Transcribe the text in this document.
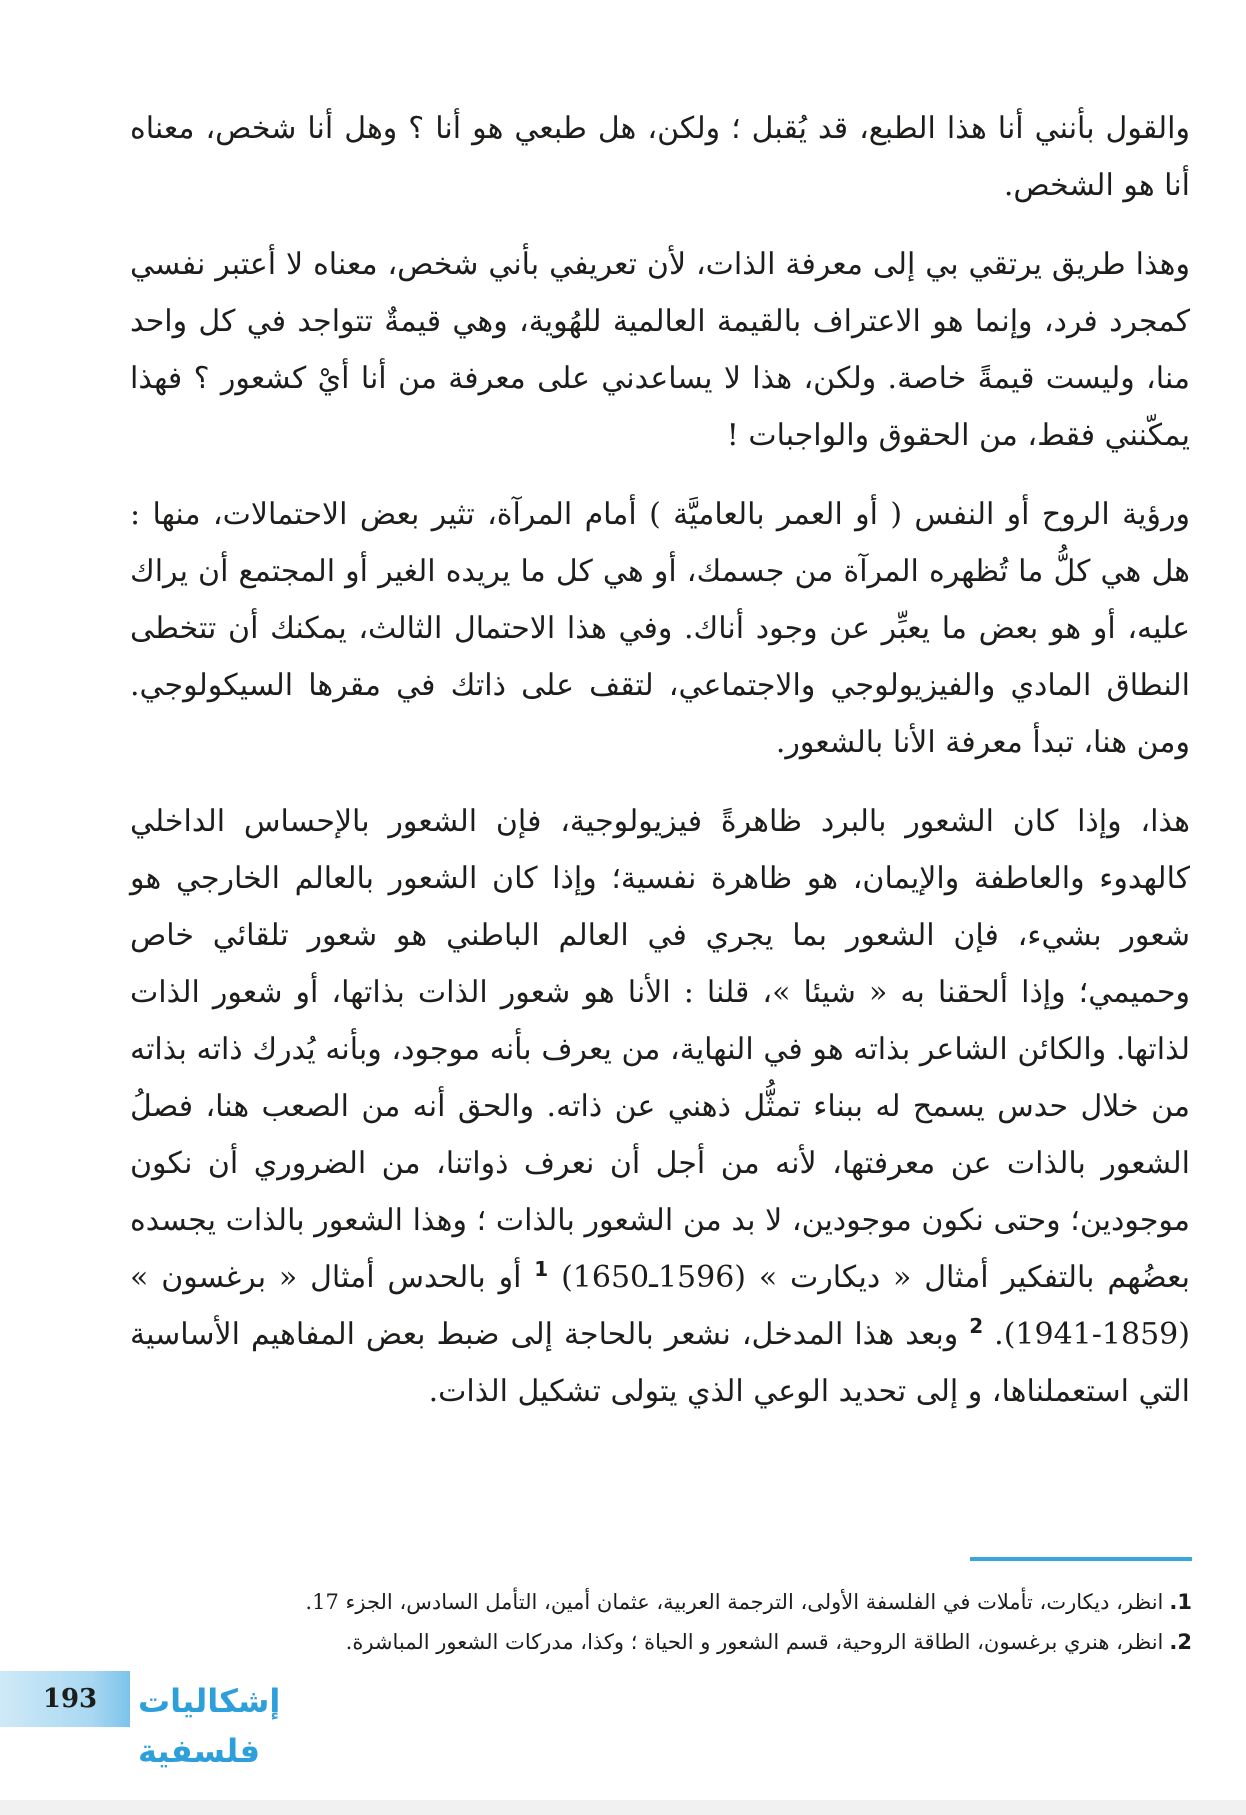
والقول بأنني أنا هذا الطبع، قد يُقبل ؛ ولكن، هل طبعي هو أنا ؟ وهل أنا شخص، معناه أنا هو الشخص.

وهذا طريق يرتقي بي إلى معرفة الذات، لأن تعريفي بأني شخص، معناه لا أعتبر نفسي كمجرد فرد، وإنما هو الاعتراف بالقيمة العالمية للهُوية، وهي قيمةٌ تتواجد في كل واحد منا، وليست قيمةً خاصة. ولكن، هذا لا يساعدني على معرفة من أنا أيْ كشعور ؟ فهذا يمكّنني فقط، من الحقوق والواجبات !

ورؤية الروح أو النفس ( أو العمر بالعاميَّة ) أمام المرآة، تثير بعض الاحتمالات، منها : هل هي كلُّ ما تُظهره المرآة من جسمك، أو هي كل ما يريده الغير أو المجتمع أن يراك عليه، أو هو بعض ما يعبِّر عن وجود أناك. وفي هذا الاحتمال الثالث، يمكنك أن تتخطى النطاق المادي والفيزيولوجي والاجتماعي، لتقف على ذاتك في مقرها السيكولوجي. ومن هنا، تبدأ معرفة الأنا بالشعور.

هذا، وإذا كان الشعور بالبرد ظاهرةً فيزيولوجية، فإن الشعور بالإحساس الداخلي كالهدوء والعاطفة والإيمان، هو ظاهرة نفسية؛ وإذا كان الشعور بالعالم الخارجي هو شعور بشيء، فإن الشعور بما يجري في العالم الباطني هو شعور تلقائي خاص وحميمي؛ وإذا ألحقنا به « شيئا »، قلنا : الأنا هو شعور الذات بذاتها، أو شعور الذات لذاتها. والكائن الشاعر بذاته هو في النهاية، من يعرف بأنه موجود، وبأنه يُدرك ذاته بذاته من خلال حدس يسمح له ببناء تمثُّل ذهني عن ذاته. والحق أنه من الصعب هنا، فصلُ الشعور بالذات عن معرفتها، لأنه من أجل أن نعرف ذواتنا، من الضروري أن نكون موجودين؛ وحتى نكون موجودين، لا بد من الشعور بالذات ؛ وهذا الشعور بالذات يجسده بعضُهم بالتفكير أمثال « ديكارت » (1596ـ1650) $^1$ أو بالحدس أمثال « برغسون » (1859-1941). $^2$ وبعد هذا المدخل، نشعر بالحاجة إلى ضبط بعض المفاهيم الأساسية التي استعملناها، و إلى تحديد الوعي الذي يتولى تشكيل الذات.

1.انظر، ديكارت، تأملات في الفلسفة الأولى، الترجمة العربية، عثمان أمين، التأمل السادس، الجزء 17.
2.انظر، هنري برغسون، الطاقة الروحية، قسم الشعور و الحياة ؛ وكذا، مدركات الشعور المباشرة.
193	إشكاليات فلسفية
